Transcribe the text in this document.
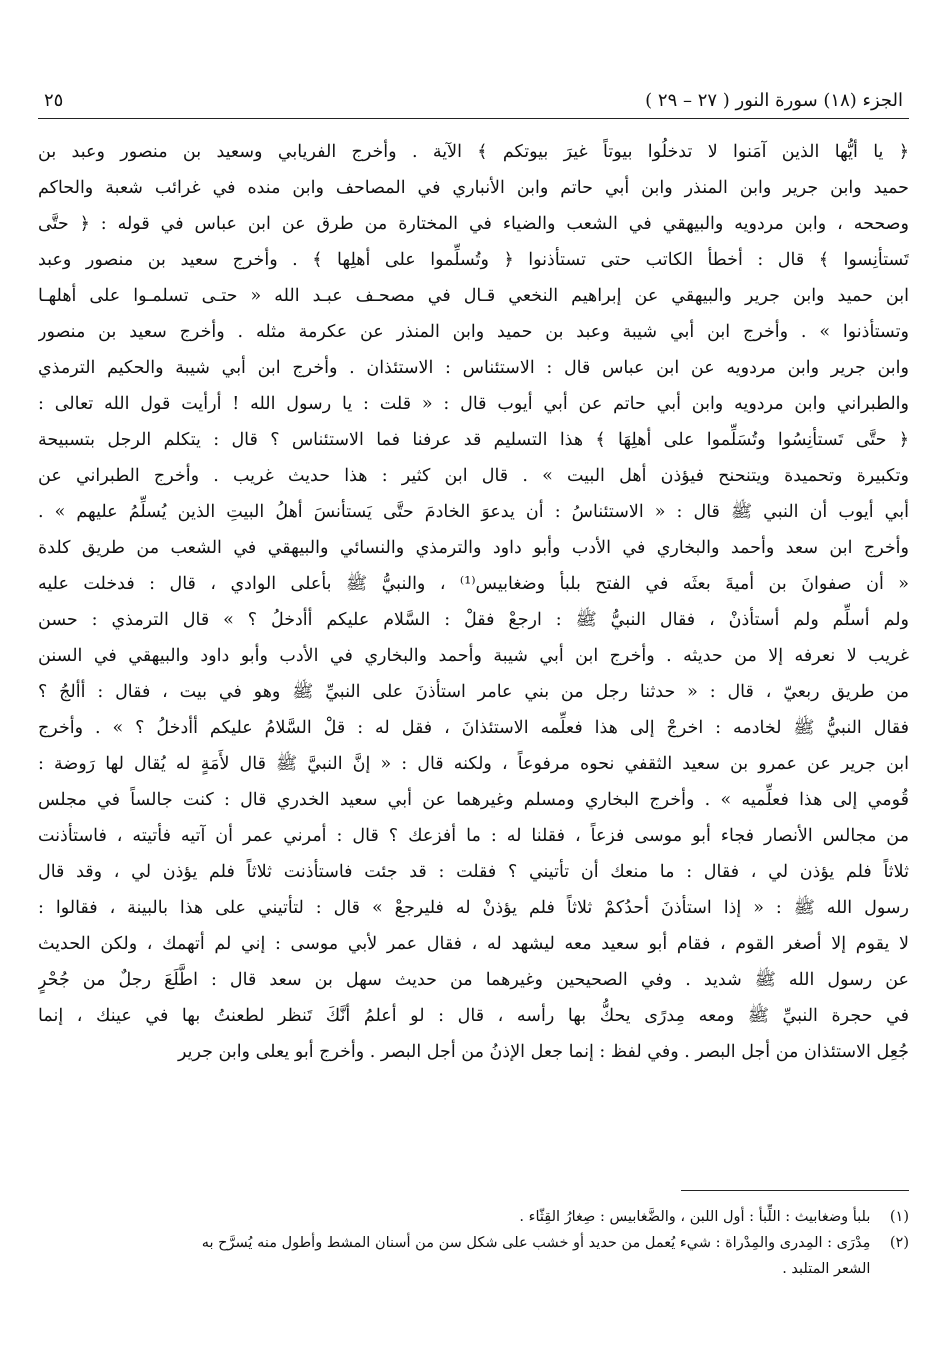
الجزء (١٨) سورة النور ( ٢٧ – ٢٩ )
٢٥
﴿ يا أيُّها الذين آمَنوا لا تدخلُوا بيوتاً غيرَ بيوتكم ﴾ الآية . وأخرج الفريابي وسعيد بن منصور وعبد بن
حميد وابن جرير وابن المنذر وابن أبي حاتم وابن الأنباري في المصاحف وابن منده في غرائب شعبة والحاكم
وصححه ، وابن مردويه والبيهقي في الشعب والضياء في المختارة من طرق عن ابن عباس في قوله : ﴿ حتَّى
تَستأنِسوا ﴾ قال : أخطأ الكاتب حتى تستأذنوا ﴿ وتُسلِّموا على أهلِها ﴾ . وأخرج سعيد بن منصور وعبد
ابن حميد وابن جرير والبيهقي عن إبراهيم النخعي قـال في مصحـف عبـد الله « حتـى تسلمـوا على أهلهـا
وتستأذنوا » . وأخرج ابن أبي شيبة وعبد بن حميد وابن المنذر عن عكرمة مثله . وأخرج سعيد بن منصور
وابن جرير وابن مردويه عن ابن عباس قال : الاستئناس : الاستئذان . وأخرج ابن أبي شيبة والحكيم الترمذي
والطبراني وابن مردويه وابن أبي حاتم عن أبي أيوب قال : « قلت : يا رسول الله ! أرأيت قول الله تعالى :
﴿ حتَّى تَستأنِسُوا وتُسَلِّموا على أهلِهَا ﴾ هذا التسليم قد عرفنا فما الاستئناس ؟ قال : يتكلم الرجل بتسبيحة
وتكبيرة وتحميدة ويتنحنح فيؤذن أهل البيت » . قال ابن كثير : هذا حديث غريب . وأخرج الطبراني عن
أبي أيوب أن النبي ﷺ قال : « الاستئناسُ : أن يدعوَ الخادمَ حتَّى يَستأنسَ أهلُ البيتِ الذين يُسلِّمُ عليهم » .
وأخرج ابن سعد وأحمد والبخاري في الأدب وأبو داود والترمذي والنسائي والبيهقي في الشعب من طريق كلدة
« أن صفوانَ بن أميةَ بعثَه في الفتح بلبأ وضغابيس⁽¹⁾ ، والنبيُّ ﷺ بأعلى الوادي ، قال : فدخلت عليه
ولم أسلِّم ولم أستأذنْ ، فقال النبيُّ ﷺ : ارجعْ فقلْ : السَّلام عليكم أأدخلُ ؟ » قال الترمذي : حسن
غريب لا نعرفه إلا من حديثه . وأخرج ابن أبي شيبة وأحمد والبخاري في الأدب وأبو داود والبيهقي في السنن
من طريق ربعيّ ، قال : « حدثنا رجل من بني عامر استأذنَ على النبيِّ ﷺ وهو في بيت ، فقال : أألجُ ؟
فقال النبيُّ ﷺ لخادمه : اخرجْ إلى هذا فعلِّمه الاستئذانَ ، فقل له : قلْ السَّلامُ عليكم أأدخلُ ؟ » . وأخرج
ابن جرير عن عمرو بن سعيد الثقفي نحوه مرفوعاً ، ولكنه قال : « إنَّ النبيَّ ﷺ قال لأَمَةٍ له يُقال لها رَوضة :
قُومي إلى هذا فعلِّميه » . وأخرج البخاري ومسلم وغيرهما عن أبي سعيد الخدري قال : كنت جالساً في مجلس
من مجالس الأنصار فجاء أبو موسى فزعاً ، فقلنا له : ما أفزعك ؟ قال : أمرني عمر أن آتيه فأتيته ، فاستأذنت
ثلاثاً فلم يؤذن لي ، فقال : ما منعك أن تأتيني ؟ فقلت : قد جئت فاستأذنت ثلاثاً فلم يؤذن لي ، وقد قال
رسول الله ﷺ : « إذا استأذنَ أحدُكمْ ثلاثاً فلم يؤذنْ له فليرجعْ » قال : لتأتيني على هذا بالبينة ، فقالوا :
لا يقوم إلا أصغر القوم ، فقام أبو سعيد معه ليشهد له ، فقال عمر لأبي موسى : إني لم أتهمك ، ولكن الحديث
عن رسول الله ﷺ شديد . وفي الصحيحين وغيرهما من حديث سهل بن سعد قال : اطَّلَعَ رجلٌ من جُحْرٍ
في حجرة النبيِّ ﷺ ومعه مِدرًى يحكُّ بها رأسه ، قال : لو أعلمُ أنَّكَ تَنظر لطعنتُ بها في عينك ، إنما
جُعِل الاستئذان من أجل البصر . وفي لفظ : إنما جعل الإذنُ من أجل البصر . وأخرج أبو يعلى وابن جرير
(١) بلبأ وضغابيث : اللِّبأ : أول اللبن ، والضَّغابيس : صِغارُ القِثّاء .
(٢) مِدْرَى : المِدرى والمِدْراة : شيء يُعمل من حديد أو خشب على شكل سن من أسنان المشط وأطول منه يُسرَّح به
الشعر المتلبد .
